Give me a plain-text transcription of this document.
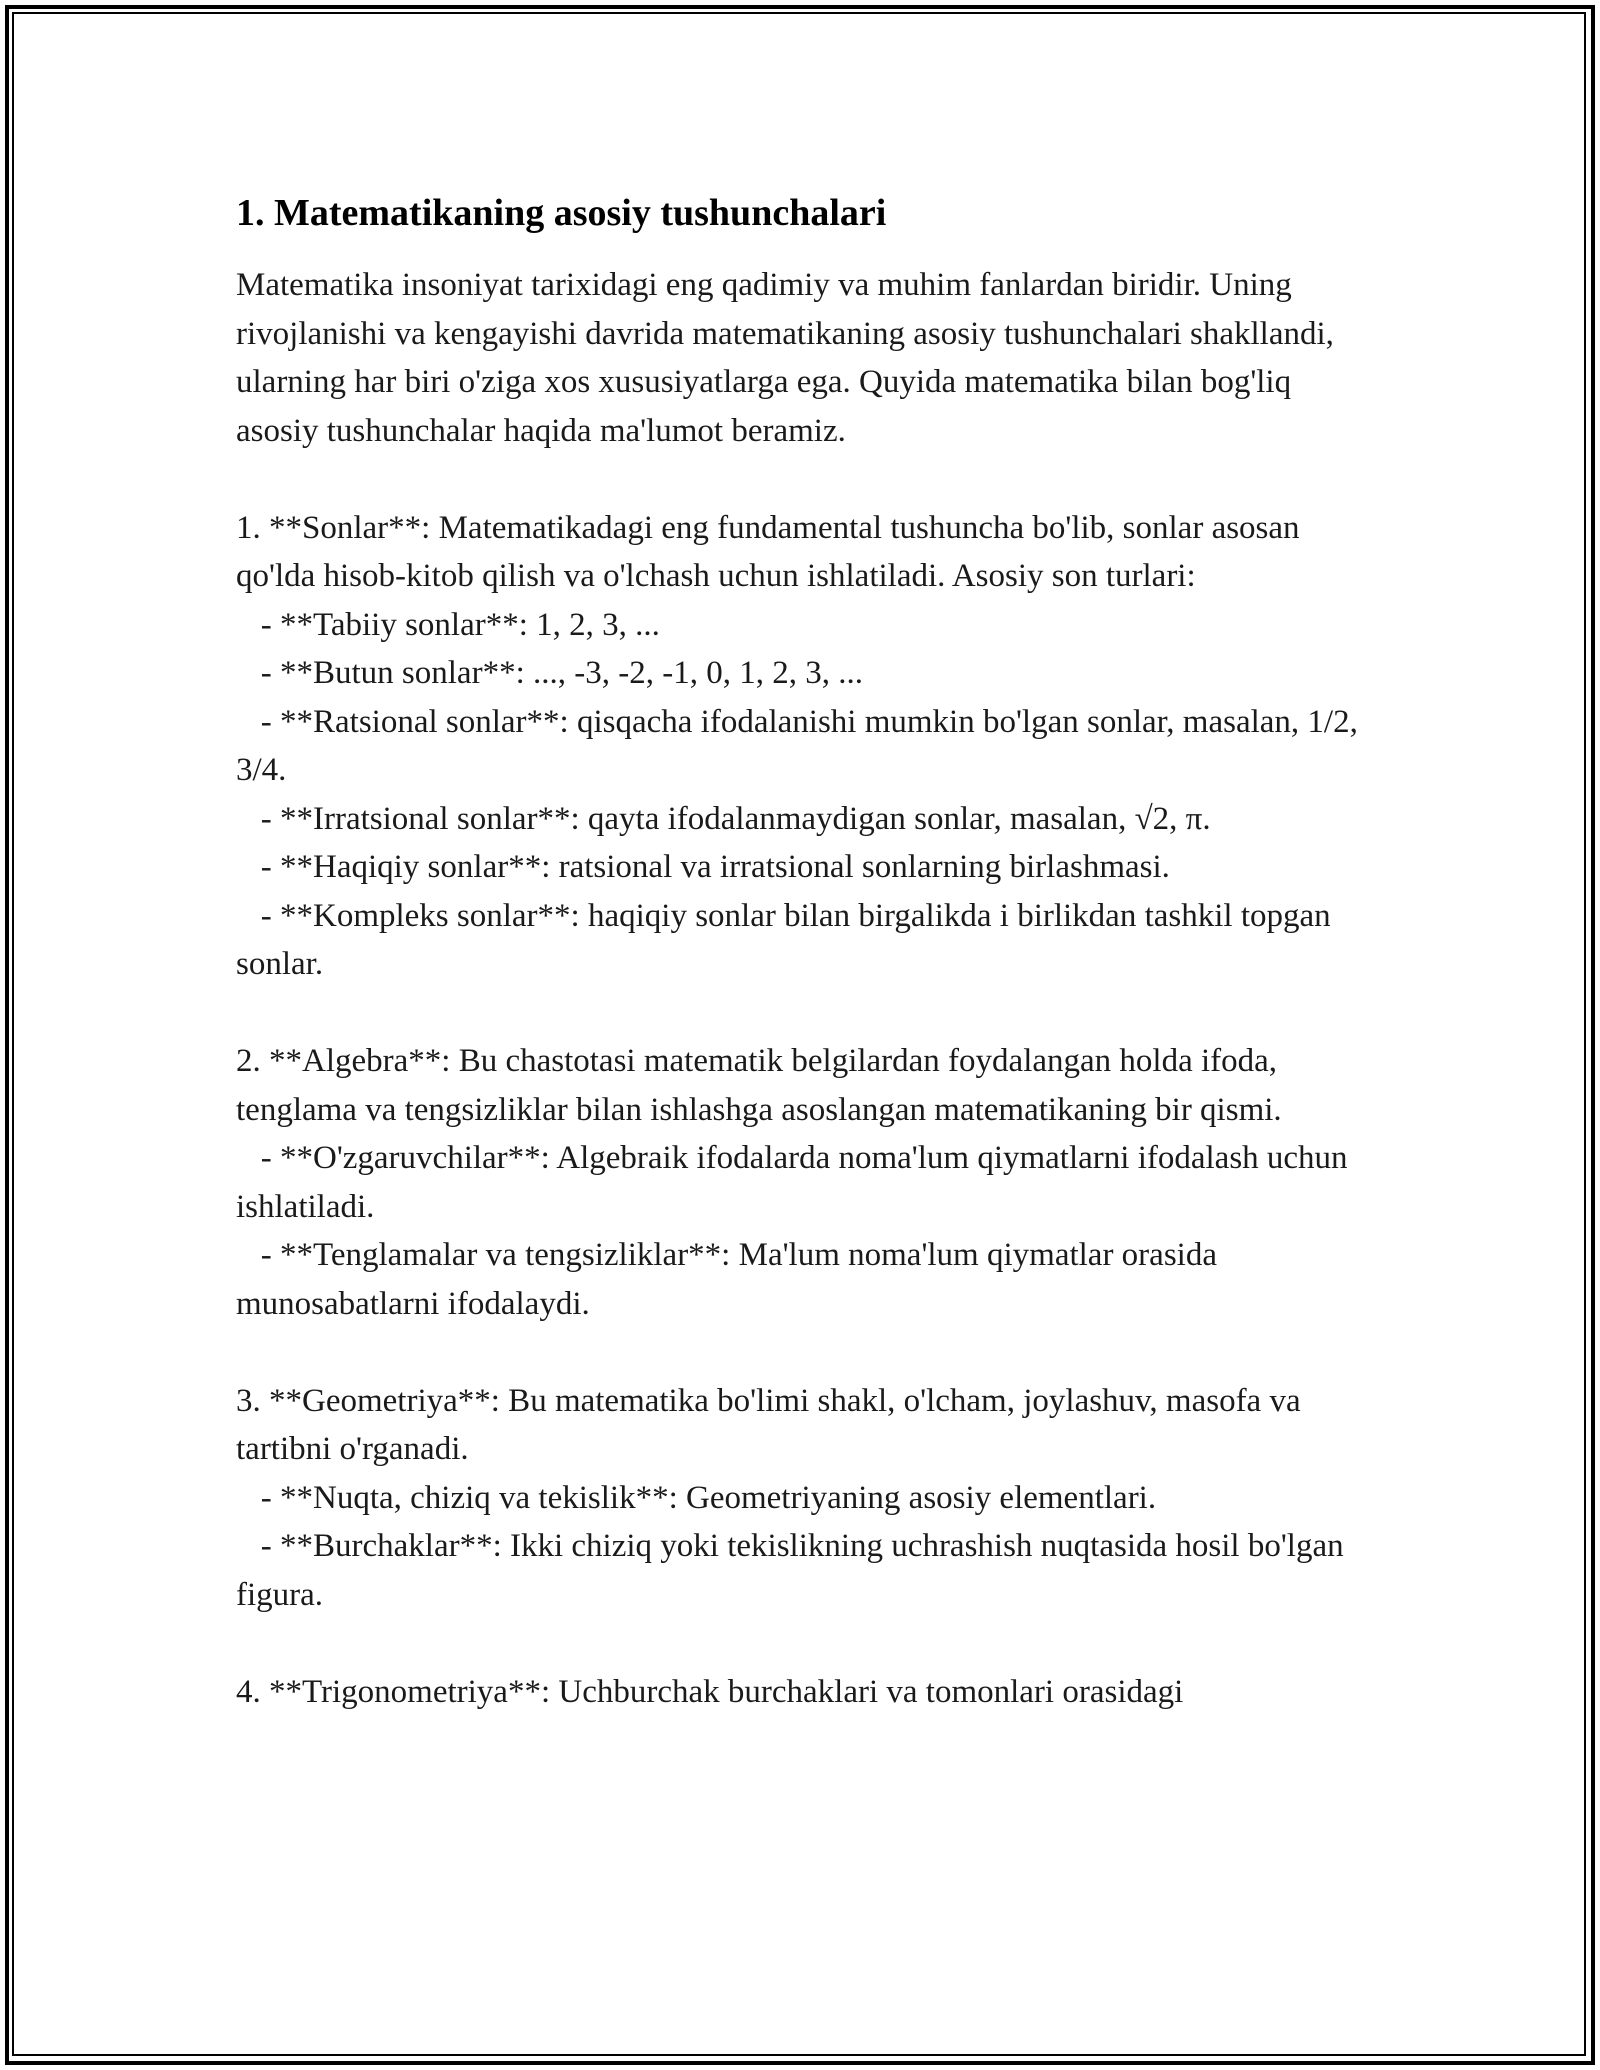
1. Matematikaning asosiy tushunchalari

Matematika insoniyat tarixidagi eng qadimiy va muhim fanlardan biridir. Uning rivojlanishi va kengayishi davrida matematikaning asosiy tushunchalari shakllandi, ularning har biri o'ziga xos xususiyatlarga ega. Quyida matematika bilan bog'liq asosiy tushunchalar haqida ma'lumot beramiz.

1. **Sonlar**: Matematikadagi eng fundamental tushuncha bo'lib, sonlar asosan qo'lda hisob-kitob qilish va o'lchash uchun ishlatiladi. Asosiy son turlari:

- **Tabiiy sonlar**: 1, 2, 3, ...

- **Butun sonlar**: ..., -3, -2, -1, 0, 1, 2, 3, ...

- **Ratsional sonlar**: qisqacha ifodalanishi mumkin bo'lgan sonlar, masalan, 1/2, 3/4.

- **Irratsional sonlar**: qayta ifodalanmaydigan sonlar, masalan, √2, π.

- **Haqiqiy sonlar**: ratsional va irratsional sonlarning birlashmasi.

- **Kompleks sonlar**: haqiqiy sonlar bilan birgalikda i birlikdan tashkil topgan sonlar.

2. **Algebra**: Bu chastotasi matematik belgilardan foydalangan holda ifoda, tenglama va tengsizliklar bilan ishlashga asoslangan matematikaning bir qismi.

- **O'zgaruvchilar**: Algebraik ifodalarda noma'lum qiymatlarni ifodalash uchun ishlatiladi.

- **Tenglamalar va tengsizliklar**: Ma'lum noma'lum qiymatlar orasida munosabatlarni ifodalaydi.

3. **Geometriya**: Bu matematika bo'limi shakl, o'lcham, joylashuv, masofa va tartibni o'rganadi.

- **Nuqta, chiziq va tekislik**: Geometriyaning asosiy elementlari.

- **Burchaklar**: Ikki chiziq yoki tekislikning uchrashish nuqtasida hosil bo'lgan figura.

4. **Trigonometriya**: Uchburchak burchaklari va tomonlari orasidagi
